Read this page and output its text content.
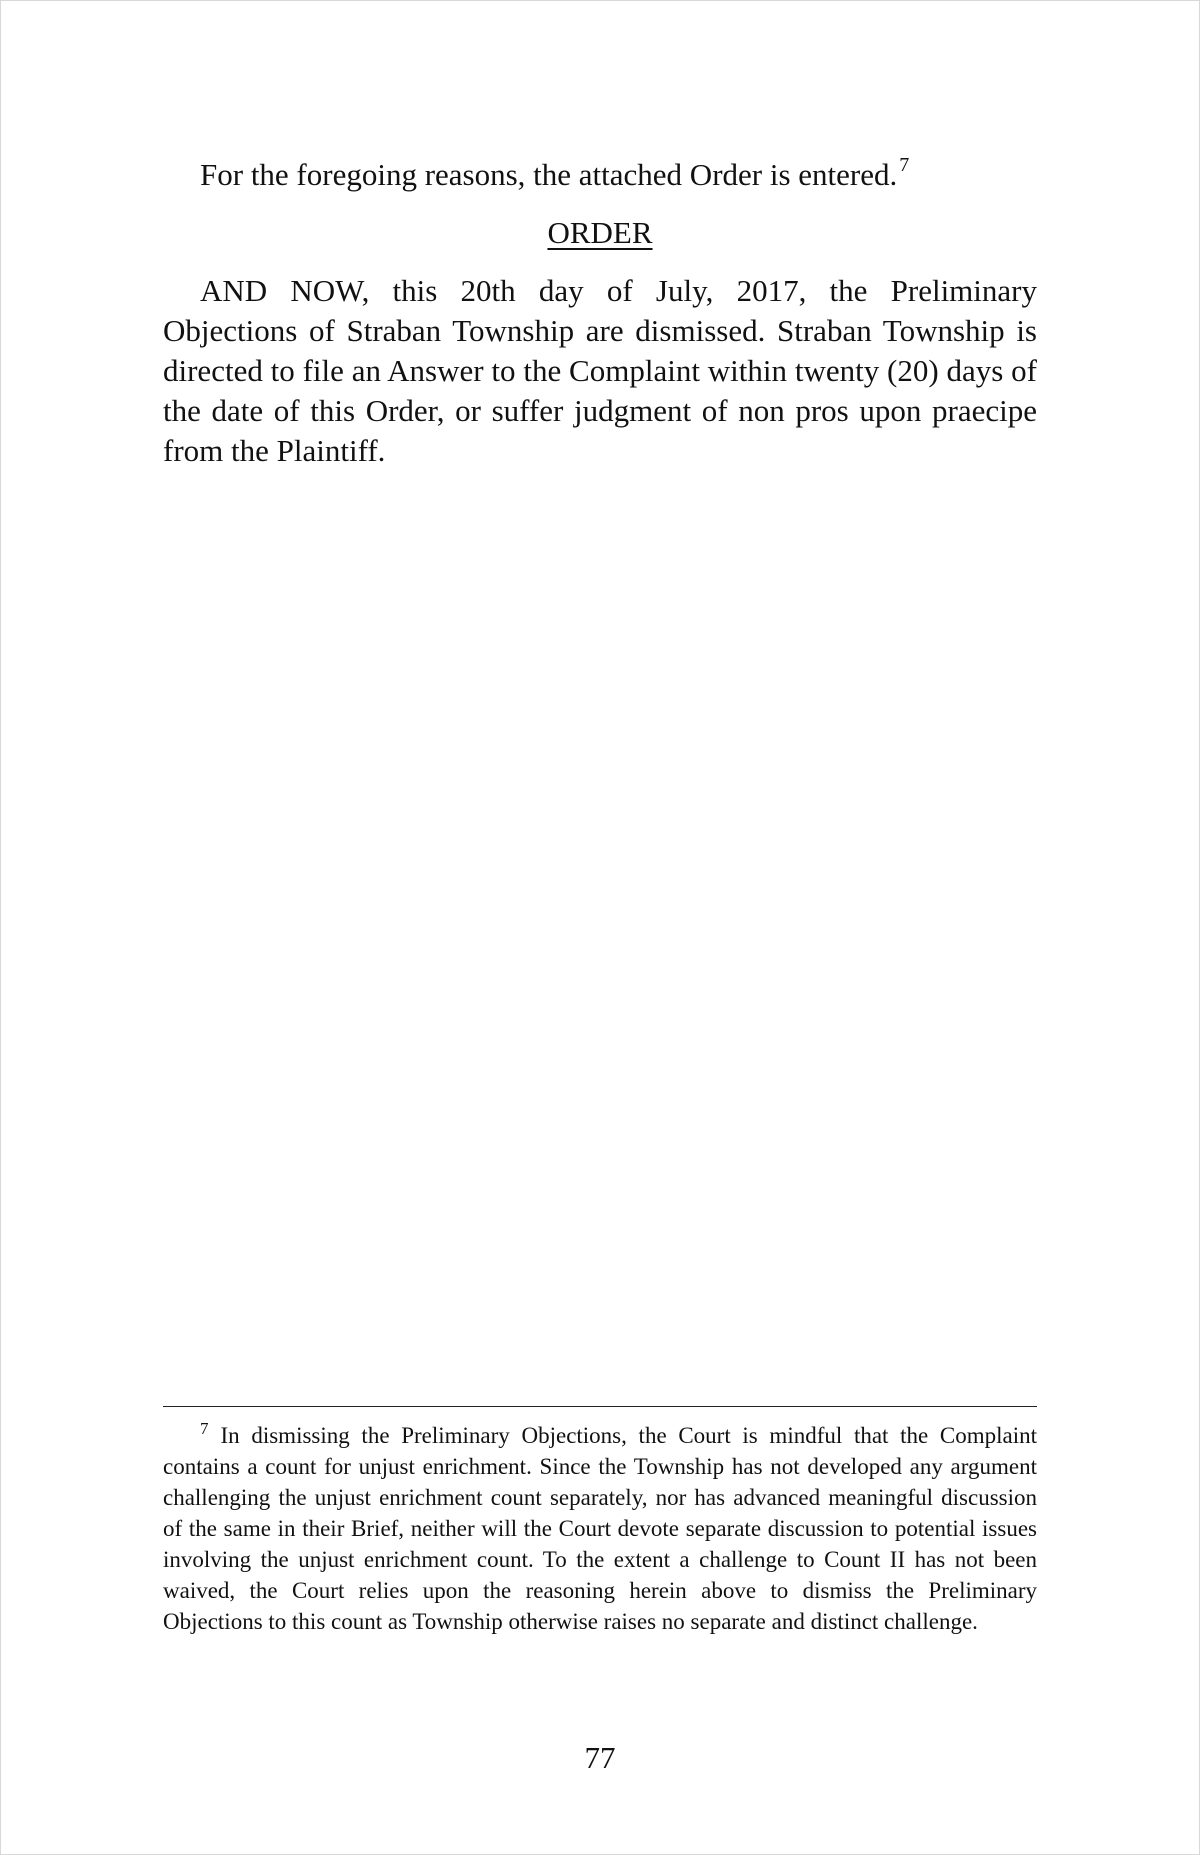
For the foregoing reasons, the attached Order is entered. $^7$

ORDER

AND NOW, this 20th day of July, 2017, the Preliminary Objections of Straban Township are dismissed. Straban Township is directed to file an Answer to the Complaint within twenty (20) days of the date of this Order, or suffer judgment of non pros upon praecipe from the Plaintiff.

$^7$ In dismissing the Preliminary Objections, the Court is mindful that the Complaint contains a count for unjust enrichment. Since the Township has not developed any argument challenging the unjust enrichment count separately, nor has advanced meaningful discussion of the same in their Brief, neither will the Court devote separate discussion to potential issues involving the unjust enrichment count. To the extent a challenge to Count II has not been waived, the Court relies upon the reasoning herein above to dismiss the Preliminary Objections to this count as Township otherwise raises no separate and distinct challenge.

77
